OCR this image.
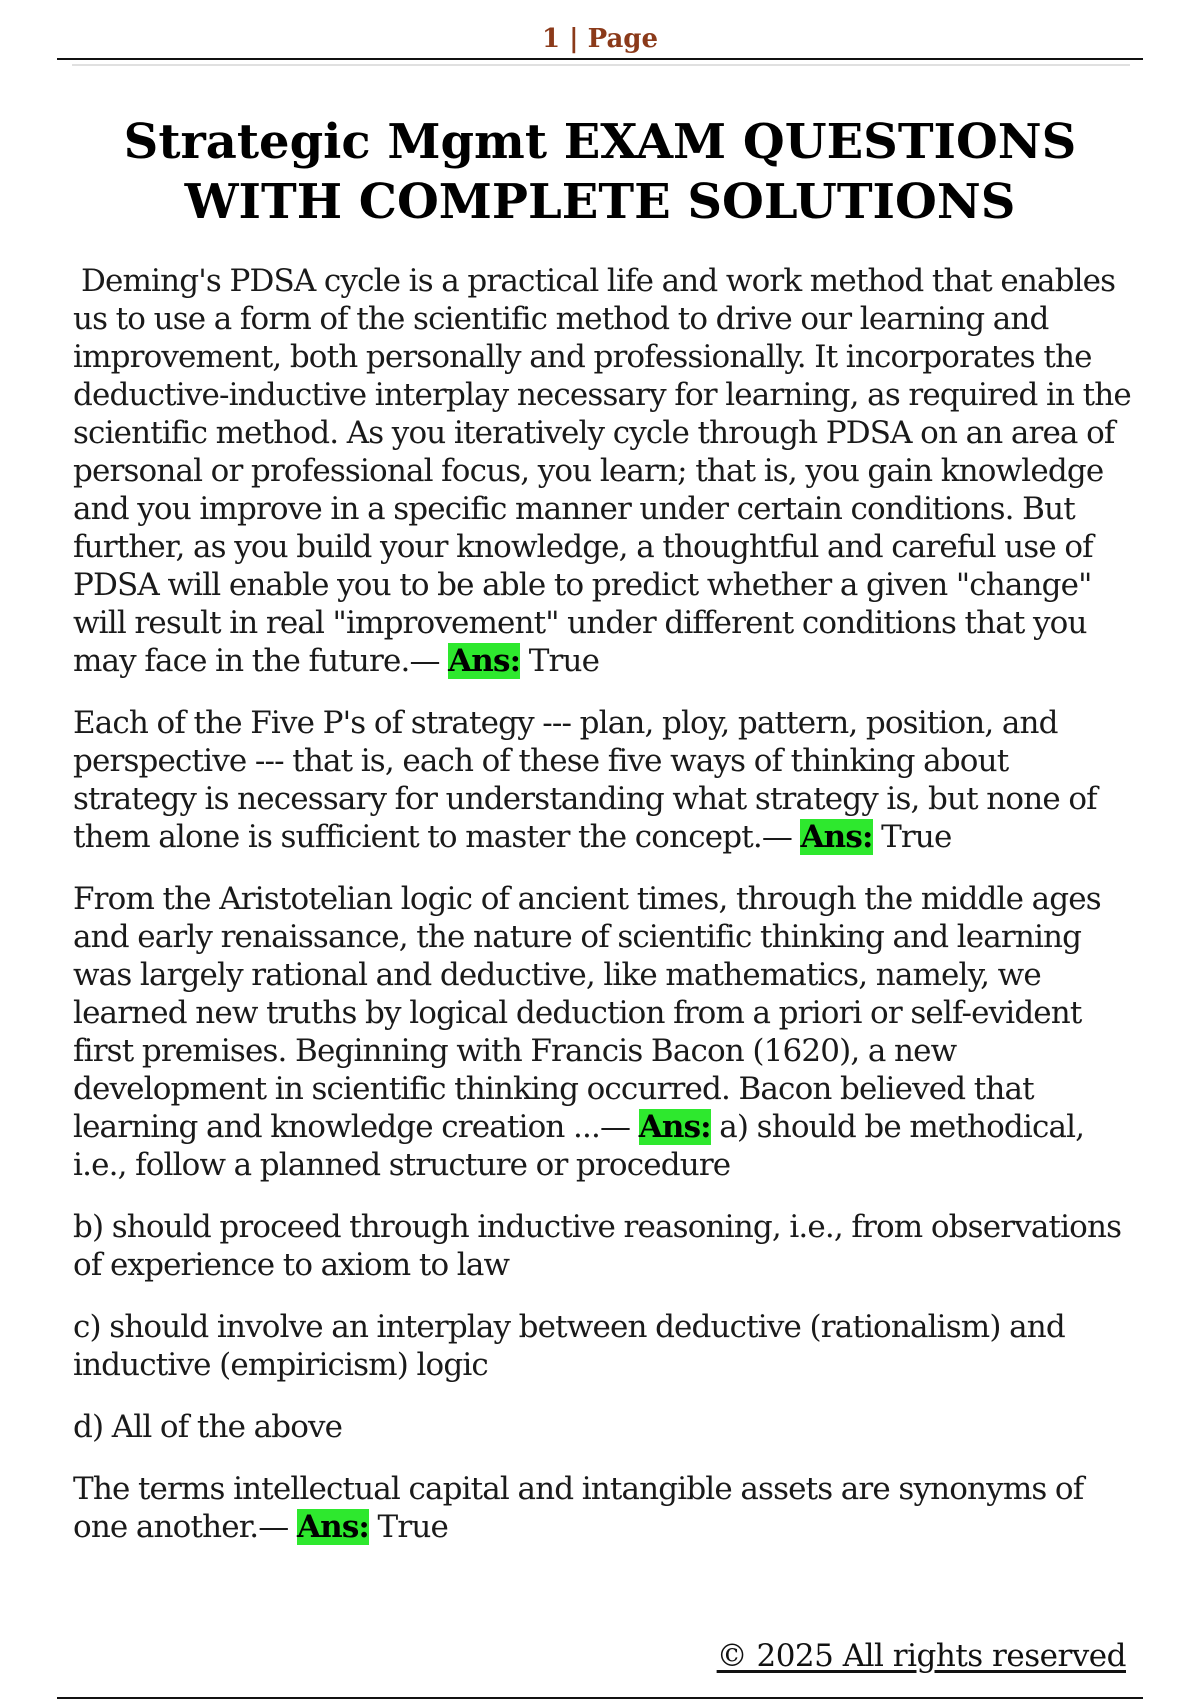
1 | Page
Strategic Mgmt EXAM QUESTIONS WITH COMPLETE SOLUTIONS

Deming's PDSA cycle is a practical life and work method that enables us to use a form of the scientific method to drive our learning and improvement, both personally and professionally. It incorporates the deductive-inductive interplay necessary for learning, as required in the scientific method. As you iteratively cycle through PDSA on an area of personal or professional focus, you learn; that is, you gain knowledge and you improve in a specific manner under certain conditions. But further, as you build your knowledge, a thoughtful and careful use of PDSA will enable you to be able to predict whether a given "change" will result in real "improvement" under different conditions that you may face in the future.— Ans: True

Each of the Five P's of strategy --- plan, ploy, pattern, position, and perspective --- that is, each of these five ways of thinking about strategy is necessary for understanding what strategy is, but none of them alone is sufficient to master the concept.— Ans: True

From the Aristotelian logic of ancient times, through the middle ages and early renaissance, the nature of scientific thinking and learning was largely rational and deductive, like mathematics, namely, we learned new truths by logical deduction from a priori or self-evident first premises. Beginning with Francis Bacon (1620), a new development in scientific thinking occurred. Bacon believed that learning and knowledge creation ...— Ans: a) should be methodical, i.e., follow a planned structure or procedure

b) should proceed through inductive reasoning, i.e., from observations of experience to axiom to law

c) should involve an interplay between deductive (rationalism) and inductive (empiricism) logic

d) All of the above

The terms intellectual capital and intangible assets are synonyms of one another.— Ans: True

© 2025 All rights reserved
